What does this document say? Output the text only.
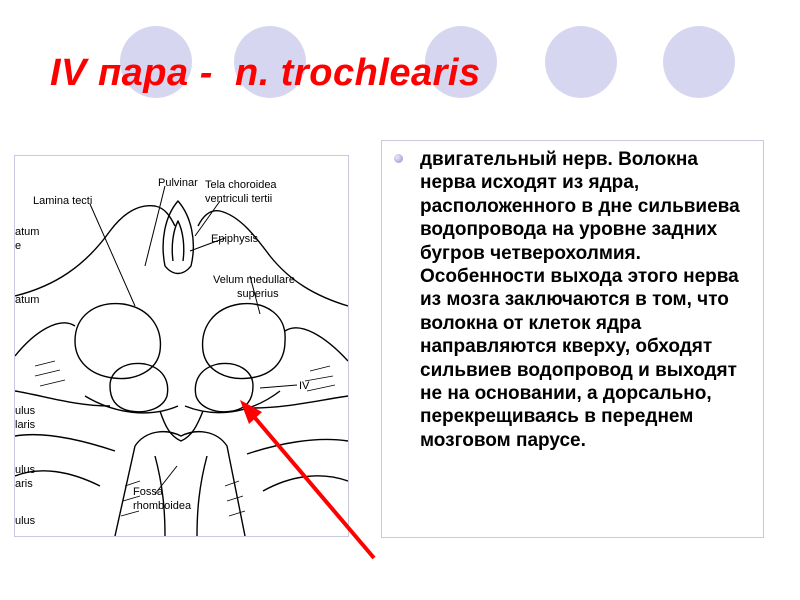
IV пара -  n. trochlearis
Lamina tecti
Pulvinar Tela choroidea
ventriculi tertii
Epiphysis
Velum medullare
superius
IV
Fossa
rhomboidea
atum
e
atum
ulus
laris
ulus
aris
ulus

двигательный нерв. Волокна нерва исходят из ядра, расположенного в дне сильвиева водопровода на уровне задних бугров четверохолмия. Особенности выхода этого нерва из мозга заключаются в том, что волокна от клеток ядра направляются кверху, обходят сильвиев водопровод и выходят не на основании, а дорсально, перекрещиваясь в переднем мозговом парусе.
